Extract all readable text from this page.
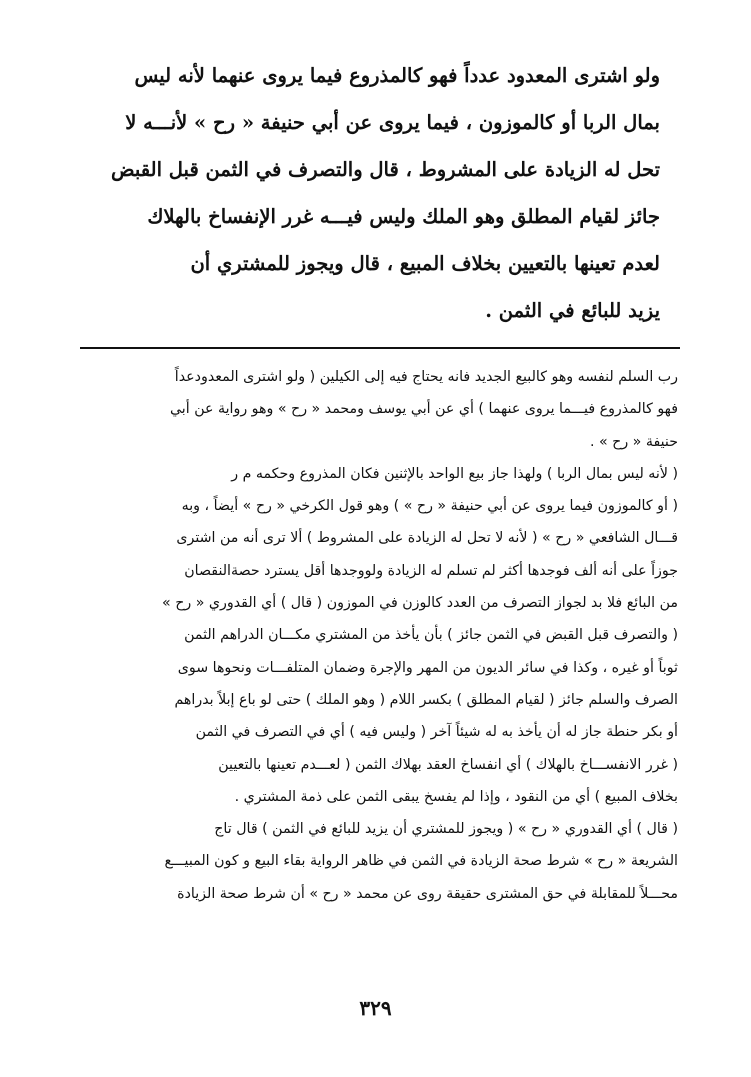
ولو اشترى المعدود عدداً فهو كالمذروع فيما يروى عنهما لأنه ليس
بمال الربا أو كالموزون ، فيما يروى عن أبي حنيفة « رح » لأنـــه لا
تحل له الزيادة على المشروط ، قال والتصرف في الثمن قبل القبض
جائز لقيام المطلق وهو الملك وليس فيـــه غرر الإنفساخ بالهلاك
لعدم تعينها بالتعيين بخلاف المبيع ، قال ويجوز للمشتري أن
يزيد للبائع في الثمن .
رب السلم لنفسه وهو كالبيع الجديد فانه يحتاج فيه إلى الكيلين ( ولو اشترى المعدودعداً
فهو كالمذروع فيـــما يروى عنهما ) أي عن أبي يوسف ومحمد « رح » وهو رواية عن أبي
حنيفة « رح » .
( لأنه ليس بمال الربا ) ولهذا جاز بيع الواحد بالإثنين فكان المذروع وحكمه م ر
( أو كالموزون فيما يروى عن أبي حنيفة « رح » ) وهو قول الكرخي « رح » أيضاً ، وبه
قـــال الشافعي « رح » ( لأنه لا تحل له الزيادة على المشروط ) ألا ترى أنه من اشترى
جوزاً على أنه ألف فوجدها أكثر لم تسلم له الزيادة ولووجدها أقل يسترد حصةالنقصان
من البائع فلا بد لجواز التصرف من العدد كالوزن في الموزون ( قال ) أي القدوري « رح »
( والتصرف قبل القبض في الثمن جائز ) بأن يأخذ من المشتري مكـــان الدراهم الثمن
ثوباً أو غيره ، وكذا في سائر الديون من المهر والإجرة وضمان المتلفـــات ونحوها سوى
الصرف والسلم جائز ( لقيام المطلق ) بكسر اللام ( وهو الملك ) حتى لو باع إبلاً بدراهم
أو بكر حنطة جاز له أن يأخذ به له شيئاً آخر ( وليس فيه ) أي في التصرف في الثمن
( غرر الانفســـاخ بالهلاك ) أي انفساخ العقد بهلاك الثمن ( لعـــدم تعينها بالتعيين
بخلاف المبيع ) أي من النقود ، وإذا لم يفسخ يبقى الثمن على ذمة المشتري .
( قال ) أي القدوري « رح » ( ويجوز للمشتري أن يزيد للبائع في الثمن ) قال تاج
الشريعة « رح » شرط صحة الزيادة في الثمن في ظاهر الرواية بقاء البيع و كون المبيـــع
محـــلاً للمقابلة في حق المشترى حقيقة روى عن محمد « رح » أن شرط صحة الزيادة
٣٢٩
